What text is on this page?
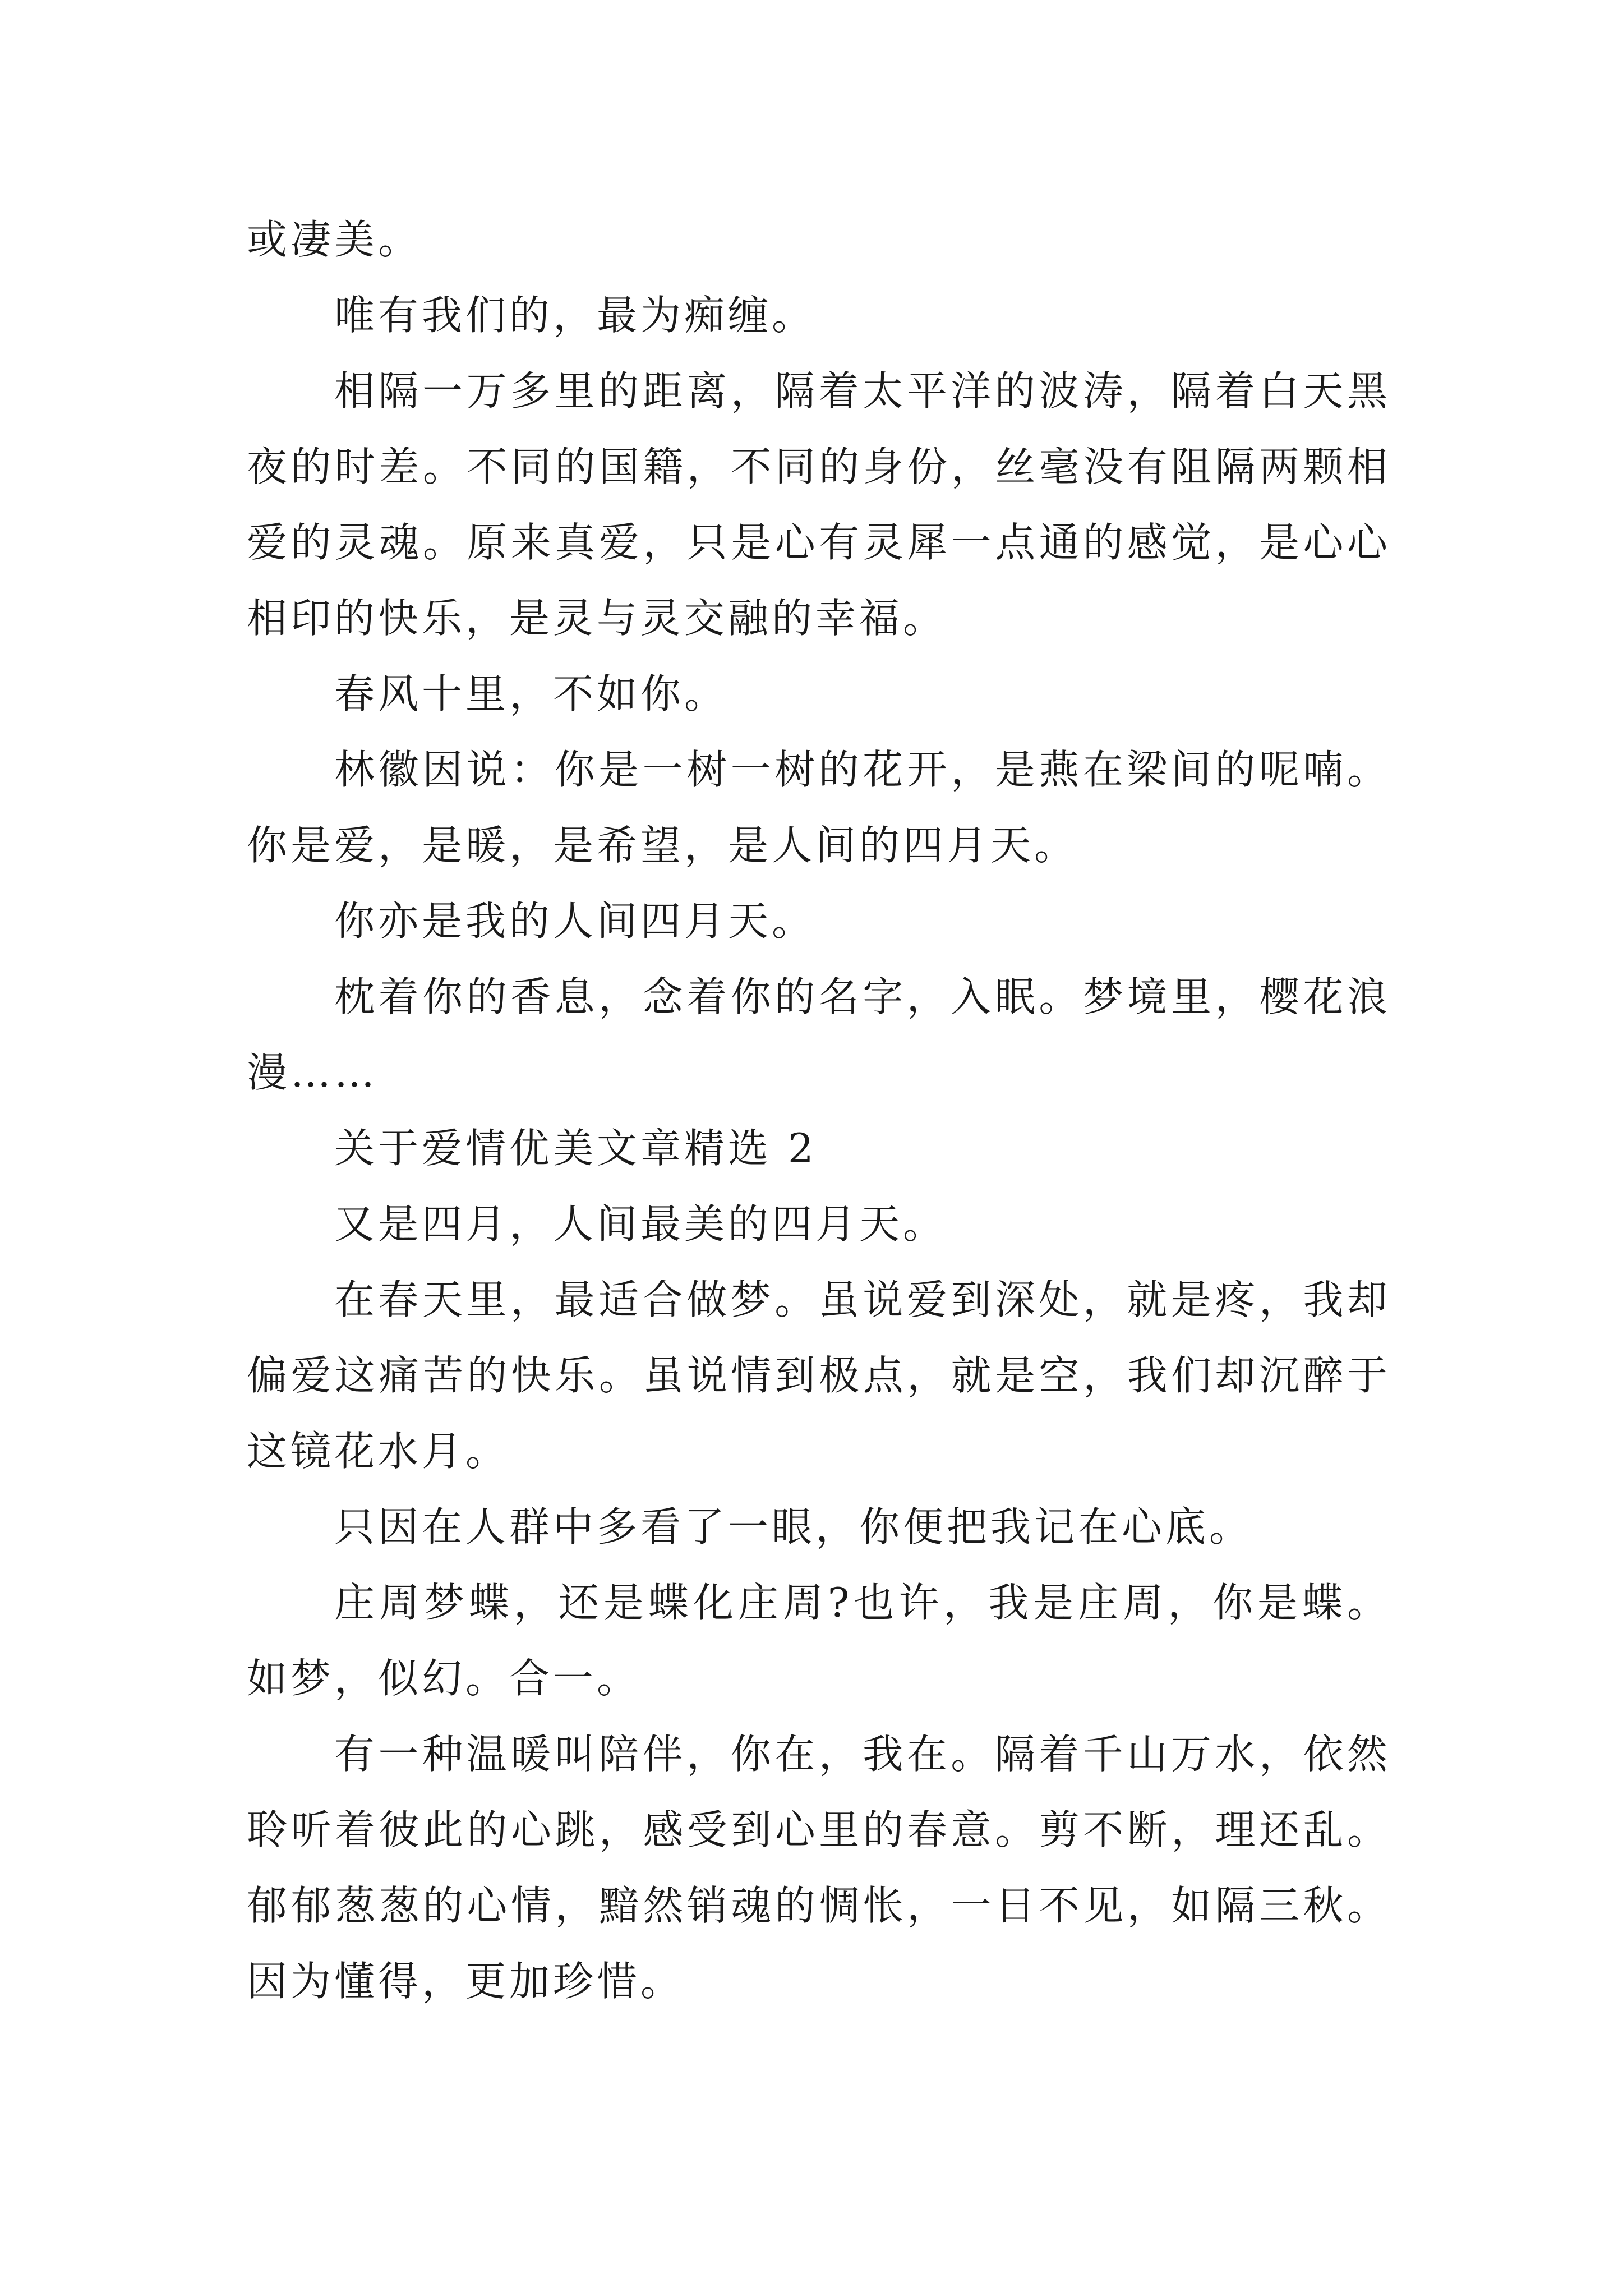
或凄美。

唯有我们的，最为痴缠。

相隔一万多里的距离，隔着太平洋的波涛，隔着白天黑夜的时差。不同的国籍，不同的身份，丝毫没有阻隔两颗相爱的灵魂。原来真爱，只是心有灵犀一点通的感觉，是心心相印的快乐，是灵与灵交融的幸福。

春风十里，不如你。

林徽因说：你是一树一树的花开，是燕在梁间的呢喃。你是爱，是暖，是希望，是人间的四月天。

你亦是我的人间四月天。

枕着你的香息，念着你的名字，入眠。梦境里，樱花浪漫……

关于爱情优美文章精选 2

又是四月，人间最美的四月天。

在春天里，最适合做梦。虽说爱到深处，就是疼，我却偏爱这痛苦的快乐。虽说情到极点，就是空，我们却沉醉于这镜花水月。

只因在人群中多看了一眼，你便把我记在心底。

庄周梦蝶，还是蝶化庄周?也许，我是庄周，你是蝶。如梦，似幻。合一。

有一种温暖叫陪伴，你在，我在。隔着千山万水，依然聆听着彼此的心跳，感受到心里的春意。剪不断，理还乱。郁郁葱葱的心情，黯然销魂的惆怅，一日不见，如隔三秋。因为懂得，更加珍惜。
